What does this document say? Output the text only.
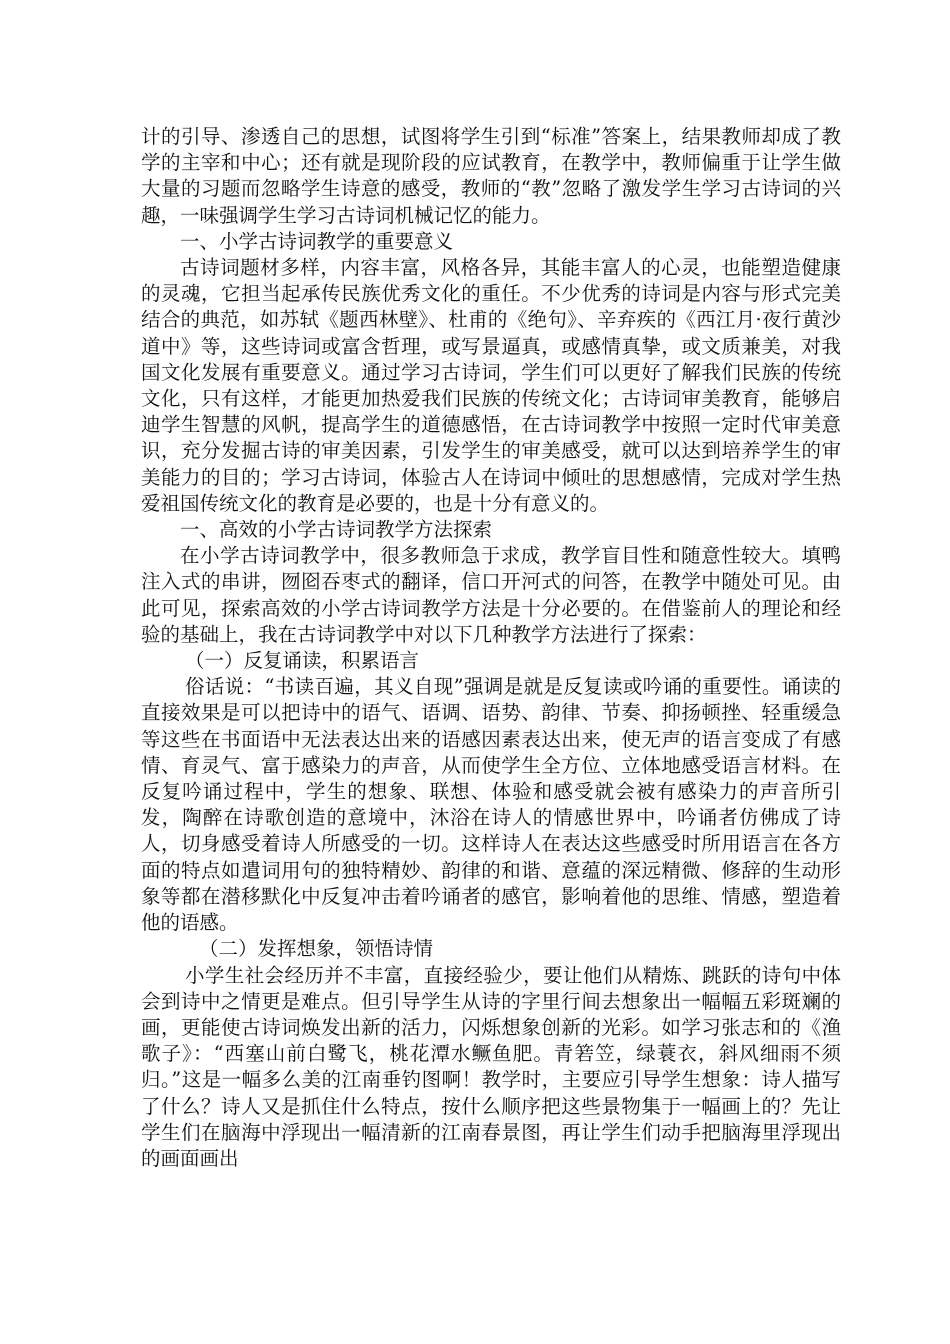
计的引导、渗透自己的思想，试图将学生引到“标准”答案上，结果教师却成了教学的主宰和中心；还有就是现阶段的应试教育，在教学中，教师偏重于让学生做大量的习题而忽略学生诗意的感受，教师的“教”忽略了激发学生学习古诗词的兴趣，一味强调学生学习古诗词机械记忆的能力。

一、小学古诗词教学的重要意义

古诗词题材多样，内容丰富，风格各异，其能丰富人的心灵，也能塑造健康的灵魂，它担当起承传民族优秀文化的重任。不少优秀的诗词是内容与形式完美结合的典范，如苏轼《题西林壁》、杜甫的《绝句》、辛弃疾的《西江月·夜行黄沙道中》等，这些诗词或富含哲理，或写景逼真，或感情真挚，或文质兼美，对我国文化发展有重要意义。通过学习古诗词，学生们可以更好了解我们民族的传统文化，只有这样，才能更加热爱我们民族的传统文化；古诗词审美教育，能够启迪学生智慧的风帆，提高学生的道德感悟，在古诗词教学中按照一定时代审美意识，充分发掘古诗的审美因素，引发学生的审美感受，就可以达到培养学生的审美能力的目的；学习古诗词，体验古人在诗词中倾吐的思想感情，完成对学生热爱祖国传统文化的教育是必要的，也是十分有意义的。

一、高效的小学古诗词教学方法探索

在小学古诗词教学中，很多教师急于求成，教学盲目性和随意性较大。填鸭注入式的串讲，囫囵吞枣式的翻译，信口开河式的问答，在教学中随处可见。由此可见，探索高效的小学古诗词教学方法是十分必要的。在借鉴前人的理论和经验的基础上，我在古诗词教学中对以下几种教学方法进行了探索：

（一）反复诵读，积累语言

俗话说：“书读百遍，其义自现”强调是就是反复读或吟诵的重要性。诵读的直接效果是可以把诗中的语气、语调、语势、韵律、节奏、抑扬顿挫、轻重缓急等这些在书面语中无法表达出来的语感因素表达出来，使无声的语言变成了有感情、育灵气、富于感染力的声音，从而使学生全方位、立体地感受语言材料。在反复吟诵过程中，学生的想象、联想、体验和感受就会被有感染力的声音所引发，陶醉在诗歌创造的意境中，沐浴在诗人的情感世界中，吟诵者仿佛成了诗人，切身感受着诗人所感受的一切。这样诗人在表达这些感受时所用语言在各方面的特点如遣词用句的独特精妙、韵律的和谐、意蕴的深远精微、修辞的生动形象等都在潜移默化中反复冲击着吟诵者的感官，影响着他的思维、情感，塑造着他的语感。

（二）发挥想象，领悟诗情

小学生社会经历并不丰富，直接经验少，要让他们从精炼、跳跃的诗句中体会到诗中之情更是难点。但引导学生从诗的字里行间去想象出一幅幅五彩斑斓的画，更能使古诗词焕发出新的活力，闪烁想象创新的光彩。如学习张志和的《渔歌子》：“西塞山前白鹭飞，桃花潭水鳜鱼肥。青箬笠，绿蓑衣，斜风细雨不须归。”这是一幅多么美的江南垂钓图啊！教学时，主要应引导学生想象：诗人描写了什么？诗人又是抓住什么特点，按什么顺序把这些景物集于一幅画上的？先让学生们在脑海中浮现出一幅清新的江南春景图，再让学生们动手把脑海里浮现出的画面画出
